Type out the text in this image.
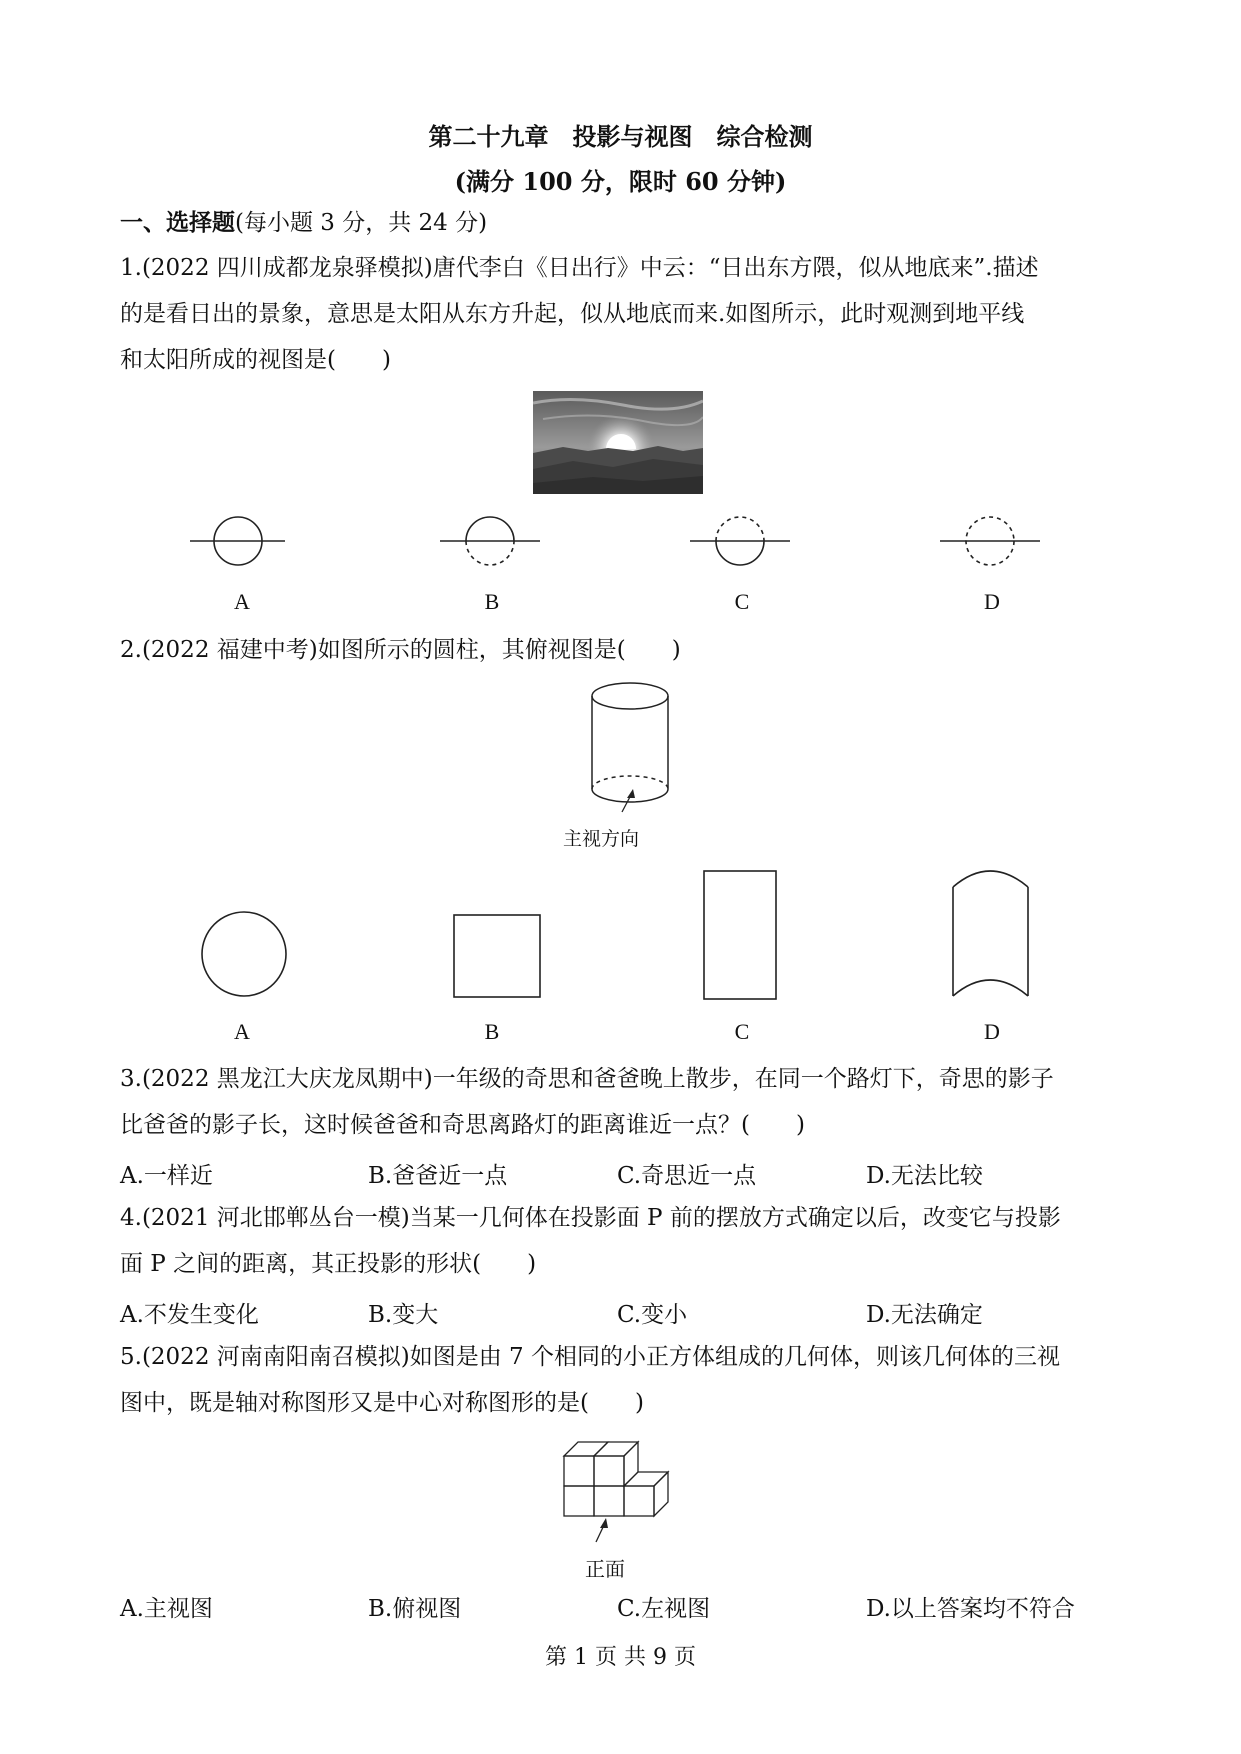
第二十九章　投影与视图　综合检测
(满分 100 分，限时 60 分钟)
一、选择题(每小题 3 分，共 24 分)
1.(2022 四川成都龙泉驿模拟)唐代李白《日出行》中云：“日出东方隈，似从地底来”.描述
的是看日出的景象，意思是太阳从东方升起，似从地底而来.如图所示，此时观测到地平线
和太阳所成的视图是(　　)
A	B	C	D
2.(2022 福建中考)如图所示的圆柱，其俯视图是(　　)
主视方向
A	B	C	D
3.(2022 黑龙江大庆龙凤期中)一年级的奇思和爸爸晚上散步，在同一个路灯下，奇思的影子
比爸爸的影子长，这时候爸爸和奇思离路灯的距离谁近一点？(　　)
A.一样近	B.爸爸近一点	C.奇思近一点	D.无法比较
4.(2021 河北邯郸丛台一模)当某一几何体在投影面 P 前的摆放方式确定以后，改变它与投影
面 P 之间的距离，其正投影的形状(　　)
A.不发生变化	B.变大	C.变小	D.无法确定
5.(2022 河南南阳南召模拟)如图是由 7 个相同的小正方体组成的几何体，则该几何体的三视
图中，既是轴对称图形又是中心对称图形的是(　　)
正面
A.主视图	B.俯视图	C.左视图	D.以上答案均不符合
第 1 页 共 9 页
